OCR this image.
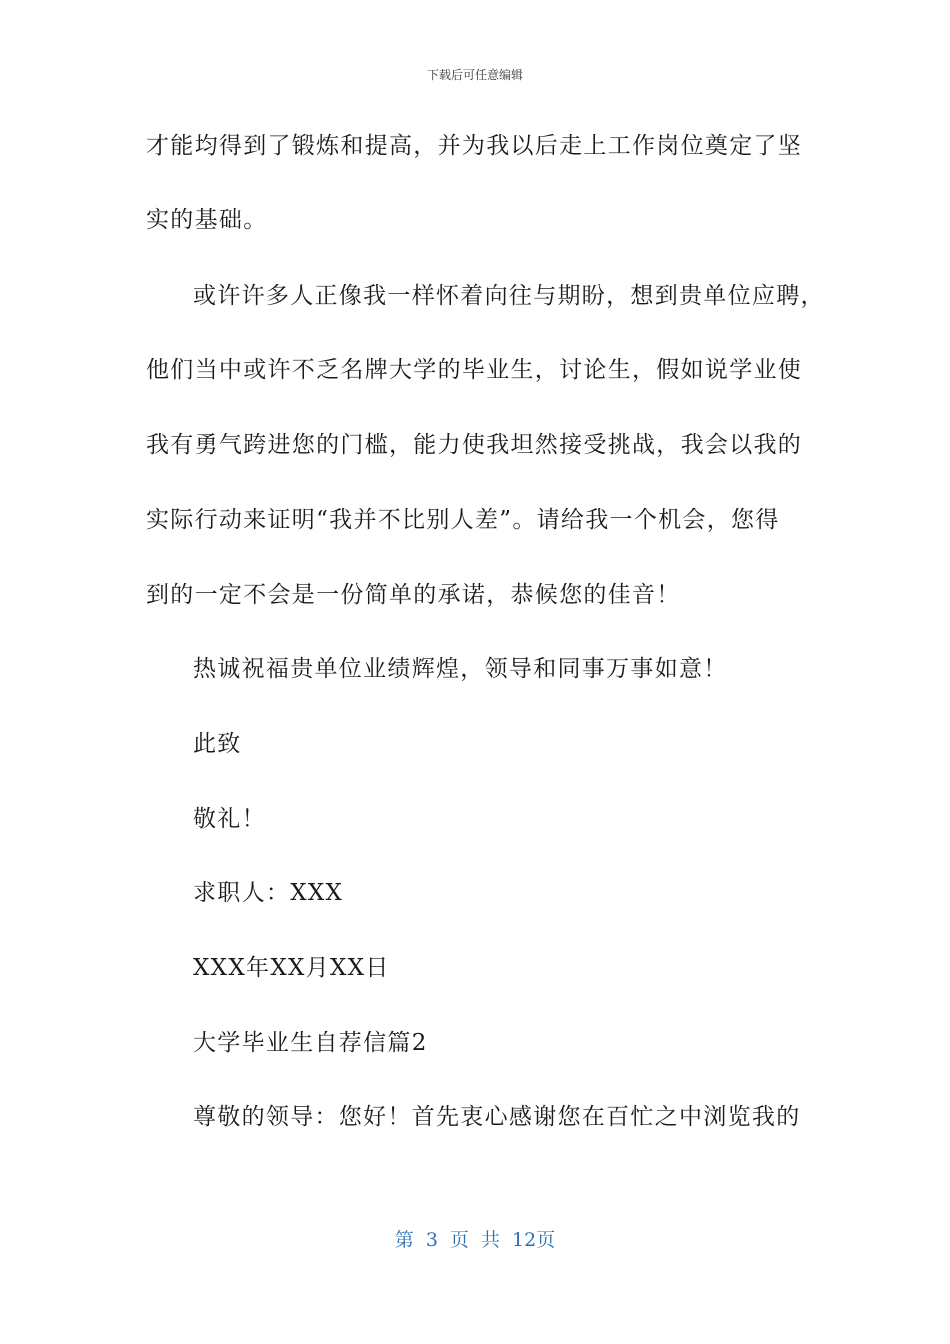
下载后可任意编辑
才能均得到了锻炼和提高，并为我以后走上工作岗位奠定了坚
实的基础。
或许许多人正像我一样怀着向往与期盼，想到贵单位应聘，
他们当中或许不乏名牌大学的毕业生，讨论生，假如说学业使
我有勇气跨进您的门槛，能力使我坦然接受挑战，我会以我的
实际行动来证明“我并不比别人差”。请给我一个机会，您得
到的一定不会是一份简单的承诺，恭候您的佳音！
热诚祝福贵单位业绩辉煌，领导和同事万事如意！
此致
敬礼！
求职人：XXX
XXX年XX月XX日
大学毕业生自荐信篇2
尊敬的领导：您好！首先衷心感谢您在百忙之中浏览我的
第 3 页 共 12页
